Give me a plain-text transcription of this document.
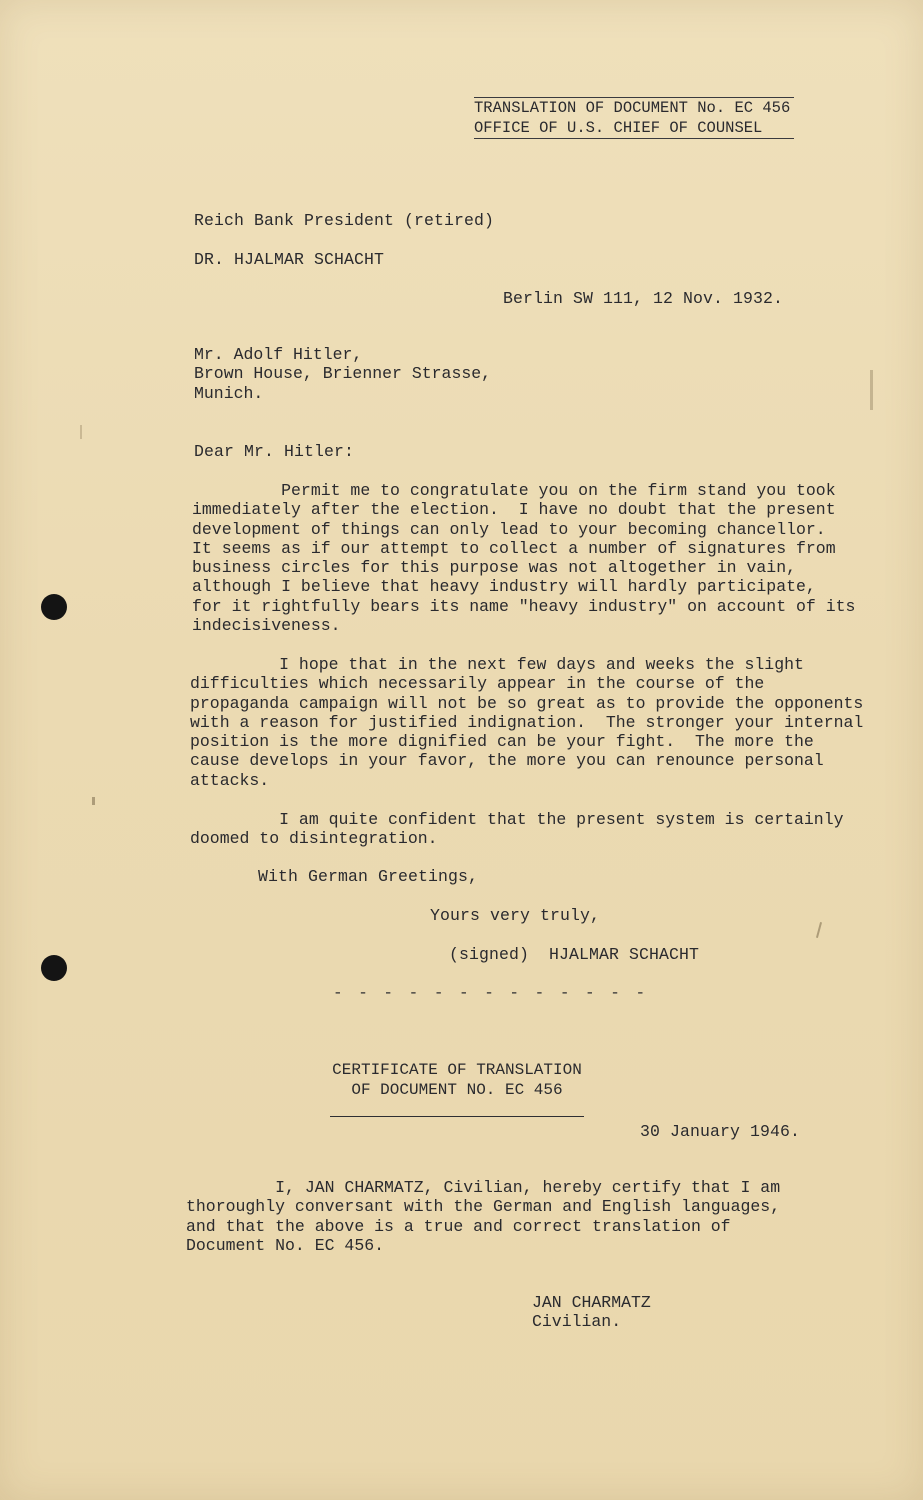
TRANSLATION OF DOCUMENT No. EC 456
OFFICE OF U.S. CHIEF OF COUNSEL
Reich Bank President (retired)
DR. HJALMAR SCHACHT
Berlin SW 111, 12 Nov. 1932.
Mr. Adolf Hitler,
Brown House, Brienner Strasse,
Munich.
Dear Mr. Hitler:
Permit me to congratulate you on the firm stand you took
immediately after the election.  I have no doubt that the present
development of things can only lead to your becoming chancellor.
It seems as if our attempt to collect a number of signatures from
business circles for this purpose was not altogether in vain,
although I believe that heavy industry will hardly participate,
for it rightfully bears its name "heavy industry" on account of its
indecisiveness.
I hope that in the next few days and weeks the slight
difficulties which necessarily appear in the course of the
propaganda campaign will not be so great as to provide the opponents
with a reason for justified indignation.  The stronger your internal
position is the more dignified can be your fight.  The more the
cause develops in your favor, the more you can renounce personal
attacks.
I am quite confident that the present system is certainly
doomed to disintegration.
With German Greetings,
Yours very truly,
(signed)  HJALMAR SCHACHT
- - - - - - - - - - - - -
CERTIFICATE OF TRANSLATION
OF DOCUMENT NO. EC 456
30 January 1946.
I, JAN CHARMATZ, Civilian, hereby certify that I am
thoroughly conversant with the German and English languages,
and that the above is a true and correct translation of
Document No. EC 456.
JAN CHARMATZ
Civilian.
